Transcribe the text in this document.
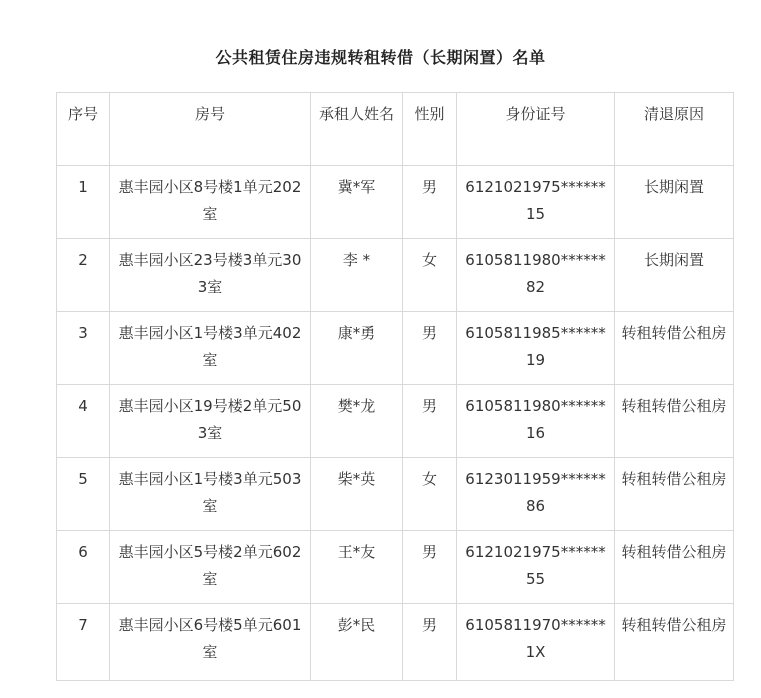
公共租赁住房违规转租转借（长期闲置）名单
序号	房号	承租人姓名	性别	身份证号	清退原因
1	惠丰园小区8号楼1单元202室	冀*军	男	6121021975******15	长期闲置
2	惠丰园小区23号楼3单元303室	李 *	女	6105811980******82	长期闲置
3	惠丰园小区1号楼3单元402室	康*勇	男	6105811985******19	转租转借公租房
4	惠丰园小区19号楼2单元503室	樊*龙	男	6105811980******16	转租转借公租房
5	惠丰园小区1号楼3单元503室	柴*英	女	6123011959******86	转租转借公租房
6	惠丰园小区5号楼2单元602室	王*友	男	6121021975******55	转租转借公租房
7	惠丰园小区6号楼5单元601室	彭*民	男	6105811970******1X	转租转借公租房
